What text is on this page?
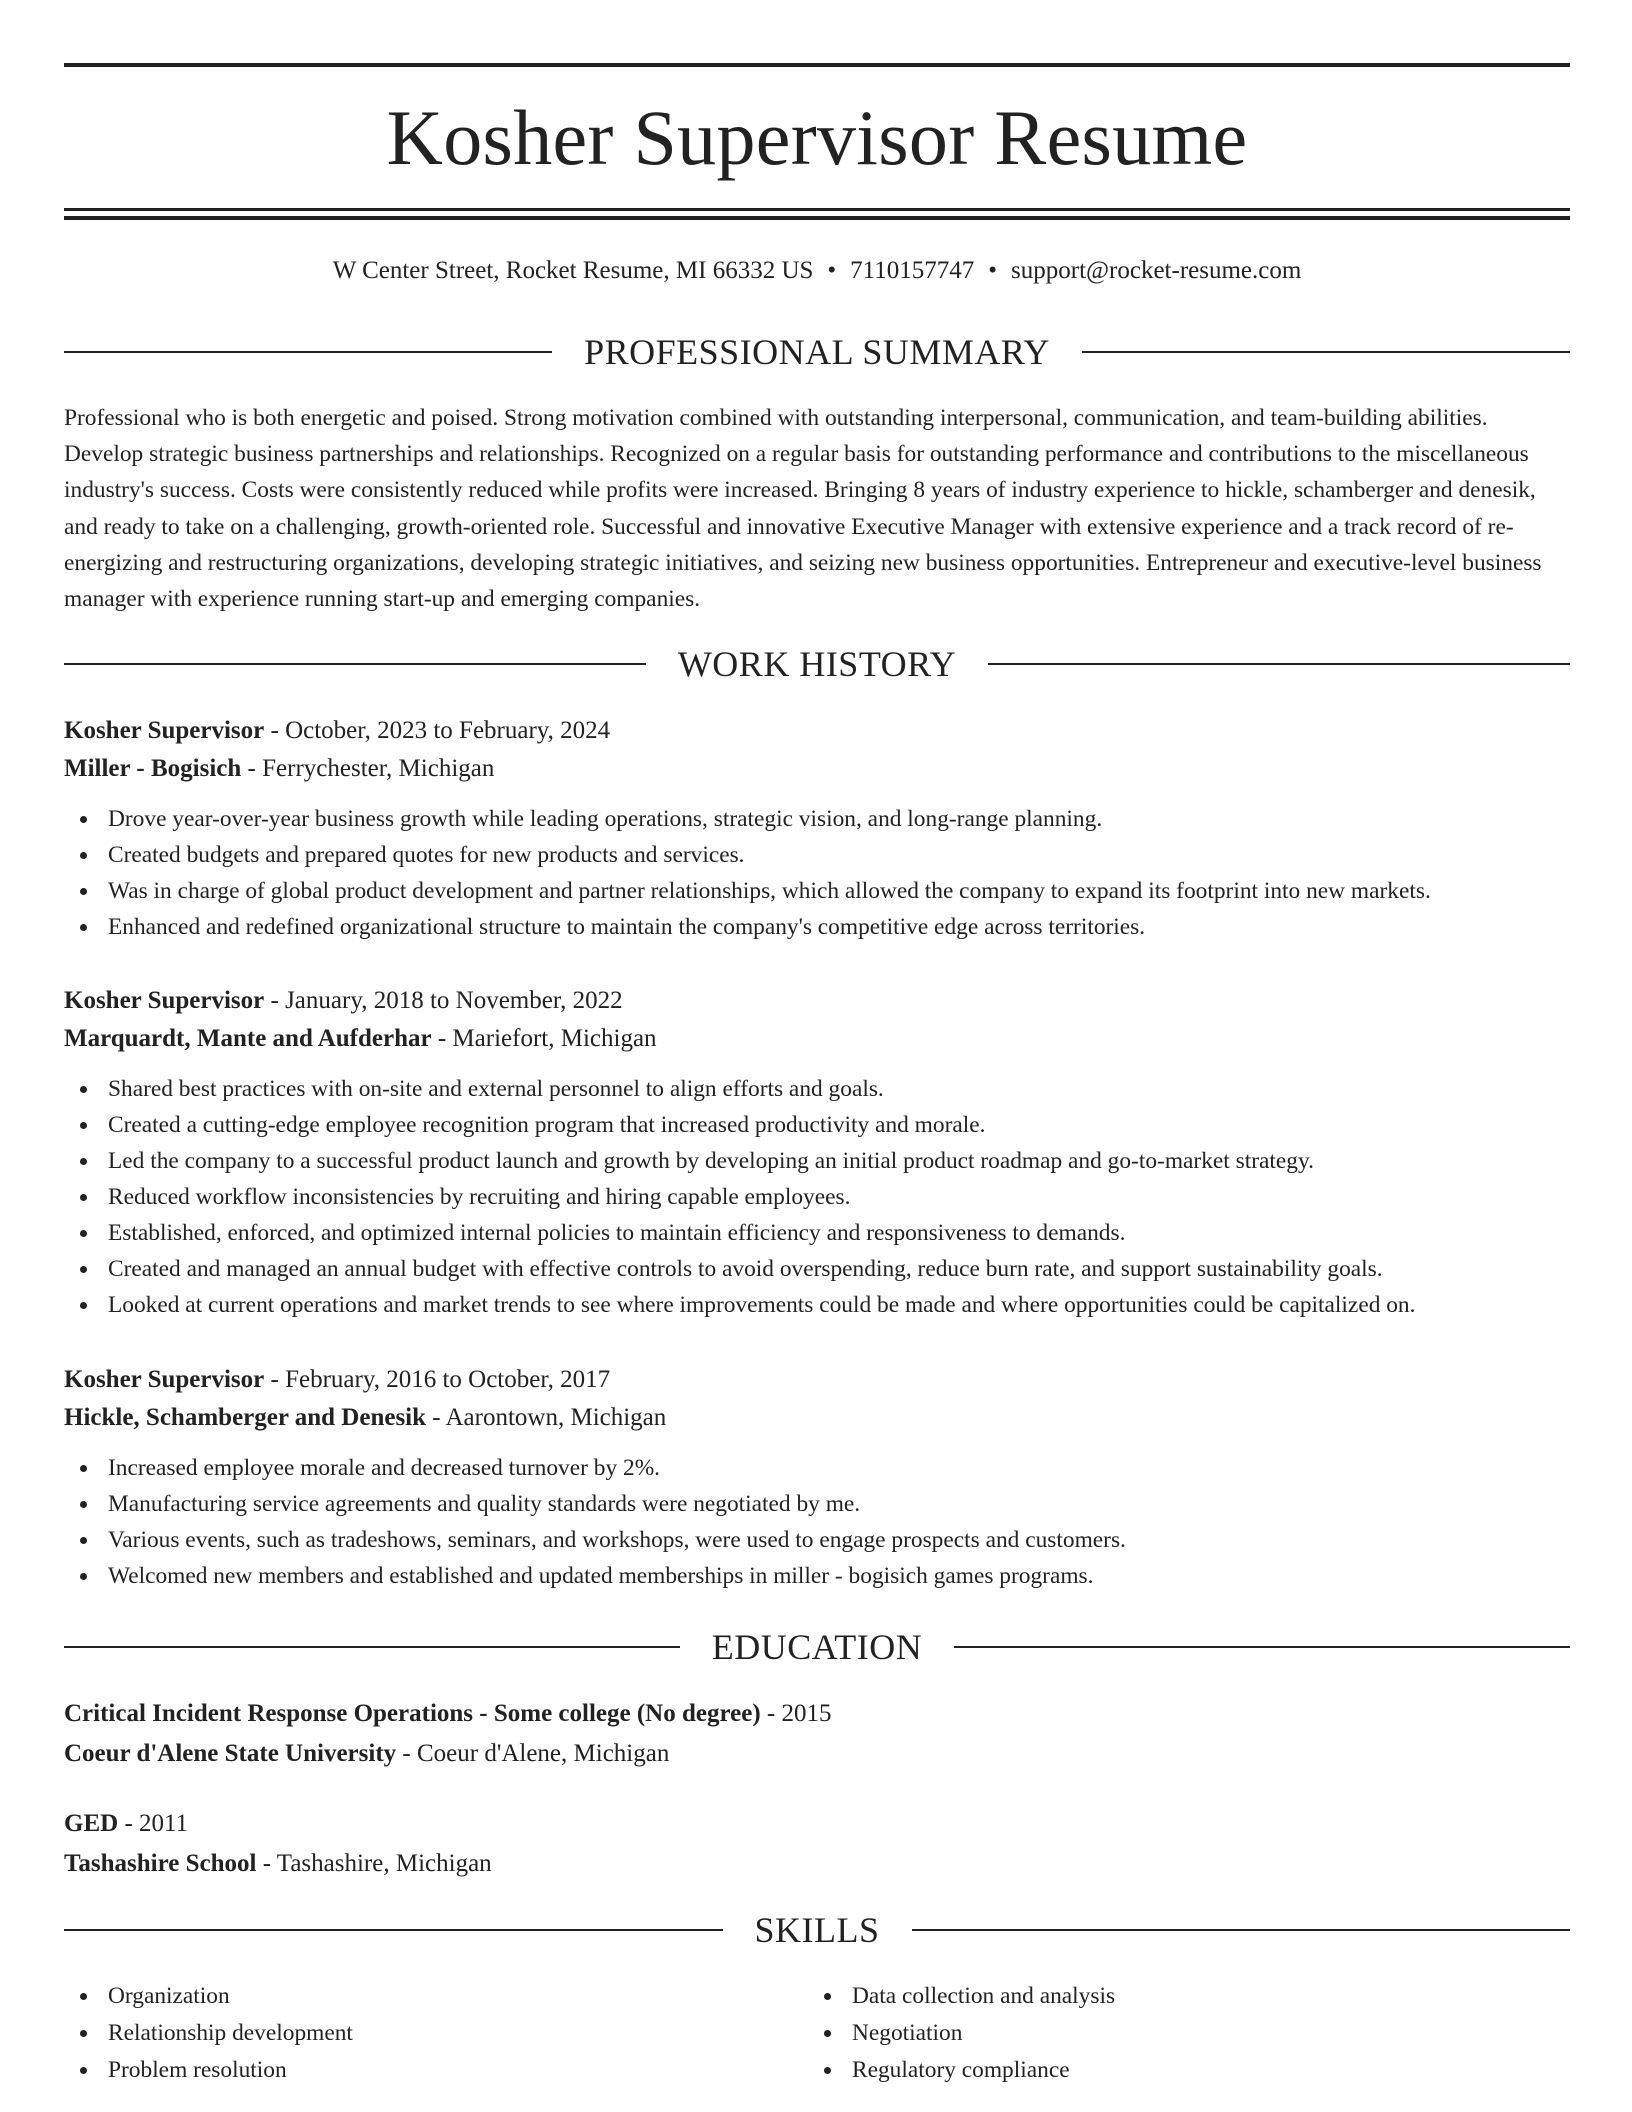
Kosher Supervisor Resume
W Center Street, Rocket Resume, MI 66332 US • 7110157747 • support@rocket-resume.com
PROFESSIONAL SUMMARY

Professional who is both energetic and poised. Strong motivation combined with outstanding interpersonal, communication, and team-building abilities. Develop strategic business partnerships and relationships. Recognized on a regular basis for outstanding performance and contributions to the miscellaneous industry's success. Costs were consistently reduced while profits were increased. Bringing 8 years of industry experience to hickle, schamberger and denesik, and ready to take on a challenging, growth-oriented role. Successful and innovative Executive Manager with extensive experience and a track record of re-energizing and restructuring organizations, developing strategic initiatives, and seizing new business opportunities. Entrepreneur and executive-level business manager with experience running start-up and emerging companies.

WORK HISTORY
Kosher Supervisor - October, 2023 to February, 2024
Miller - Bogisich - Ferrychester, Michigan
Drove year-over-year business growth while leading operations, strategic vision, and long-range planning.
Created budgets and prepared quotes for new products and services.
Was in charge of global product development and partner relationships, which allowed the company to expand its footprint into new markets.
Enhanced and redefined organizational structure to maintain the company's competitive edge across territories.
Kosher Supervisor - January, 2018 to November, 2022
Marquardt, Mante and Aufderhar - Mariefort, Michigan
Shared best practices with on-site and external personnel to align efforts and goals.
Created a cutting-edge employee recognition program that increased productivity and morale.
Led the company to a successful product launch and growth by developing an initial product roadmap and go-to-market strategy.
Reduced workflow inconsistencies by recruiting and hiring capable employees.
Established, enforced, and optimized internal policies to maintain efficiency and responsiveness to demands.
Created and managed an annual budget with effective controls to avoid overspending, reduce burn rate, and support sustainability goals.
Looked at current operations and market trends to see where improvements could be made and where opportunities could be capitalized on.
Kosher Supervisor - February, 2016 to October, 2017
Hickle, Schamberger and Denesik - Aarontown, Michigan
Increased employee morale and decreased turnover by 2%.
Manufacturing service agreements and quality standards were negotiated by me.
Various events, such as tradeshows, seminars, and workshops, were used to engage prospects and customers.
Welcomed new members and established and updated memberships in miller - bogisich games programs.
EDUCATION
Critical Incident Response Operations - Some college (No degree) - 2015
Coeur d'Alene State University - Coeur d'Alene, Michigan
GED - 2011
Tashashire School - Tashashire, Michigan
SKILLS
Organization
Relationship development
Problem resolution
Data collection and analysis
Negotiation
Regulatory compliance
